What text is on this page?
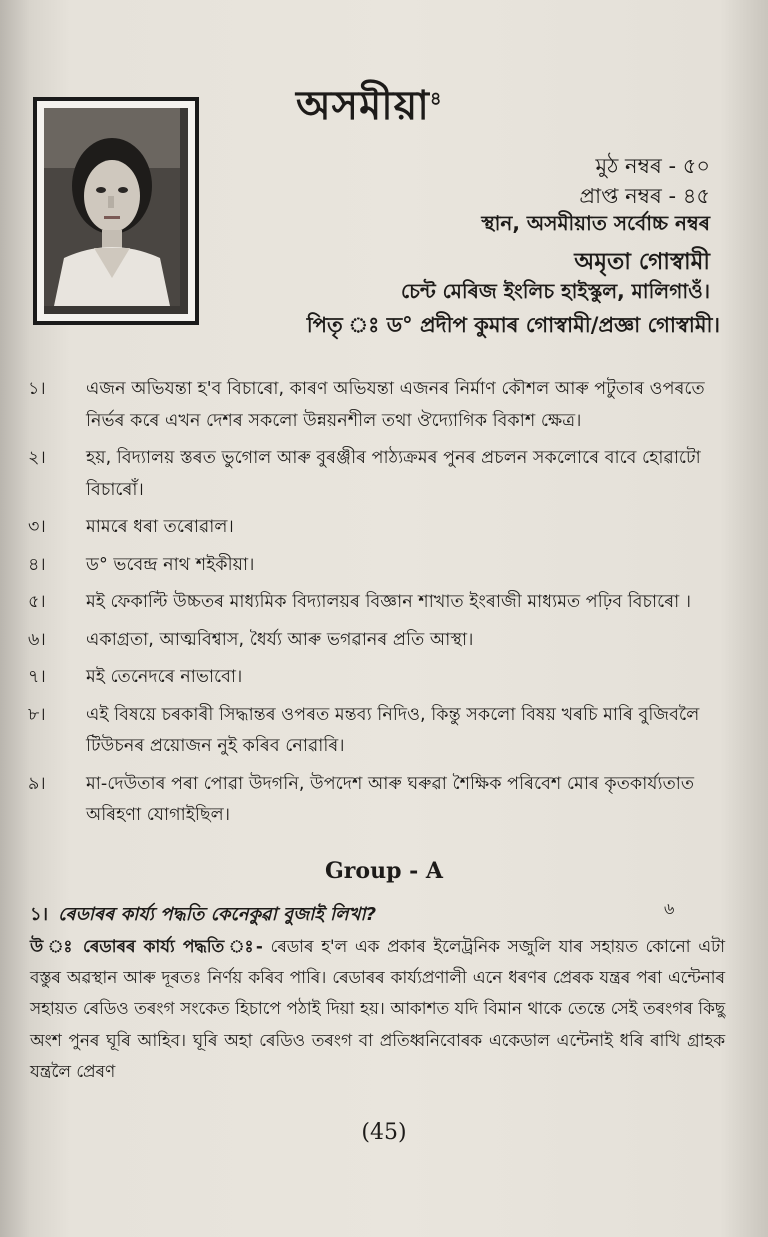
অসমীয়া$^৪$
মুঠ নম্বৰ - ৫০
প্ৰাপ্ত নম্বৰ - ৪৫
স্থান, অসমীয়াত সৰ্বোচ্চ নম্বৰ
অমৃতা গোস্বামী
চেন্ট মেৰিজ ইংলিচ হাইস্কুল, মালিগাওঁ।
পিতৃ ঃ ড° প্ৰদীপ কুমাৰ গোস্বামী/প্ৰজ্ঞা গোস্বামী।
১।	এজন অভিযন্তা হ'ব বিচাৰো, কাৰণ অভিযন্তা এজনৰ নিৰ্মাণ কৌশল আৰু পটুতাৰ ওপৰতে নিৰ্ভৰ কৰে এখন দেশৰ সকলো উন্নয়নশীল তথা ঔদ্যোগিক বিকাশ ক্ষেত্ৰ।
২।	হয়, বিদ্যালয় স্তৰত ভুগোল আৰু বুৰঞ্জীৰ পাঠ্যক্ৰমৰ পুনৰ প্ৰচলন সকলোৰে বাবে হোৱাটো বিচাৰোঁ।
৩।	মামৰে ধৰা তৰোৱাল।
৪।	ড° ভবেন্দ্ৰ নাথ শইকীয়া।
৫।	মই ফেকাল্টি উচ্চতৰ মাধ্যমিক বিদ্যালয়ৰ বিজ্ঞান শাখাত ইংৰাজী মাধ্যমত পঢ়িব বিচাৰো ।
৬।	একাগ্ৰতা, আত্মবিশ্বাস, ধৈৰ্য্য আৰু ভগৱানৰ প্ৰতি আস্থা।
৭।	মই তেনেদৰে নাভাবো।
৮।	এই বিষয়ে চৰকাৰী সিদ্ধান্তৰ ওপৰত মন্তব্য নিদিও, কিন্তু সকলো বিষয় খৰচি মাৰি বুজিবলৈ টিউচনৰ প্ৰয়োজন নুই কৰিব নোৱাৰি।
৯।	মা-দেউতাৰ পৰা পোৱা উদগনি, উপদেশ আৰু ঘৰুৱা শৈক্ষিক পৰিবেশ মোৰ কৃতকাৰ্য্যতাত অৰিহণা যোগাইছিল।
Group - A
১। ৰেডাৰৰ কাৰ্য্য পদ্ধতি কেনেকুৱা বুজাই লিখা?	৬
উ ঃ ৰেডাৰৰ কাৰ্য্য পদ্ধতি ঃ- ৰেডাৰ হ'ল এক প্ৰকাৰ ইলেট্ৰনিক সজুলি যাৰ সহায়ত কোনো এটা বস্তুৰ অৱস্থান আৰু দূৰতঃ নিৰ্ণয় কৰিব পাৰি। ৰেডাৰৰ কাৰ্য্যপ্ৰণালী এনে ধৰণৰ প্ৰেৰক যন্ত্ৰৰ পৰা এন্টেনাৰ সহায়ত ৰেডিও তৰংগ সংকেত হিচাপে পঠাই দিয়া হয়। আকাশত যদি বিমান থাকে তেন্তে সেই তৰংগৰ কিছু অংশ পুনৰ ঘূৰি আহিব। ঘূৰি অহা ৰেডিও তৰংগ বা প্ৰতিধ্বনিবোৰক একেডাল এন্টেনাই ধৰি ৰাখি গ্ৰাহক যন্ত্ৰলৈ প্ৰেৰণ
(45)
